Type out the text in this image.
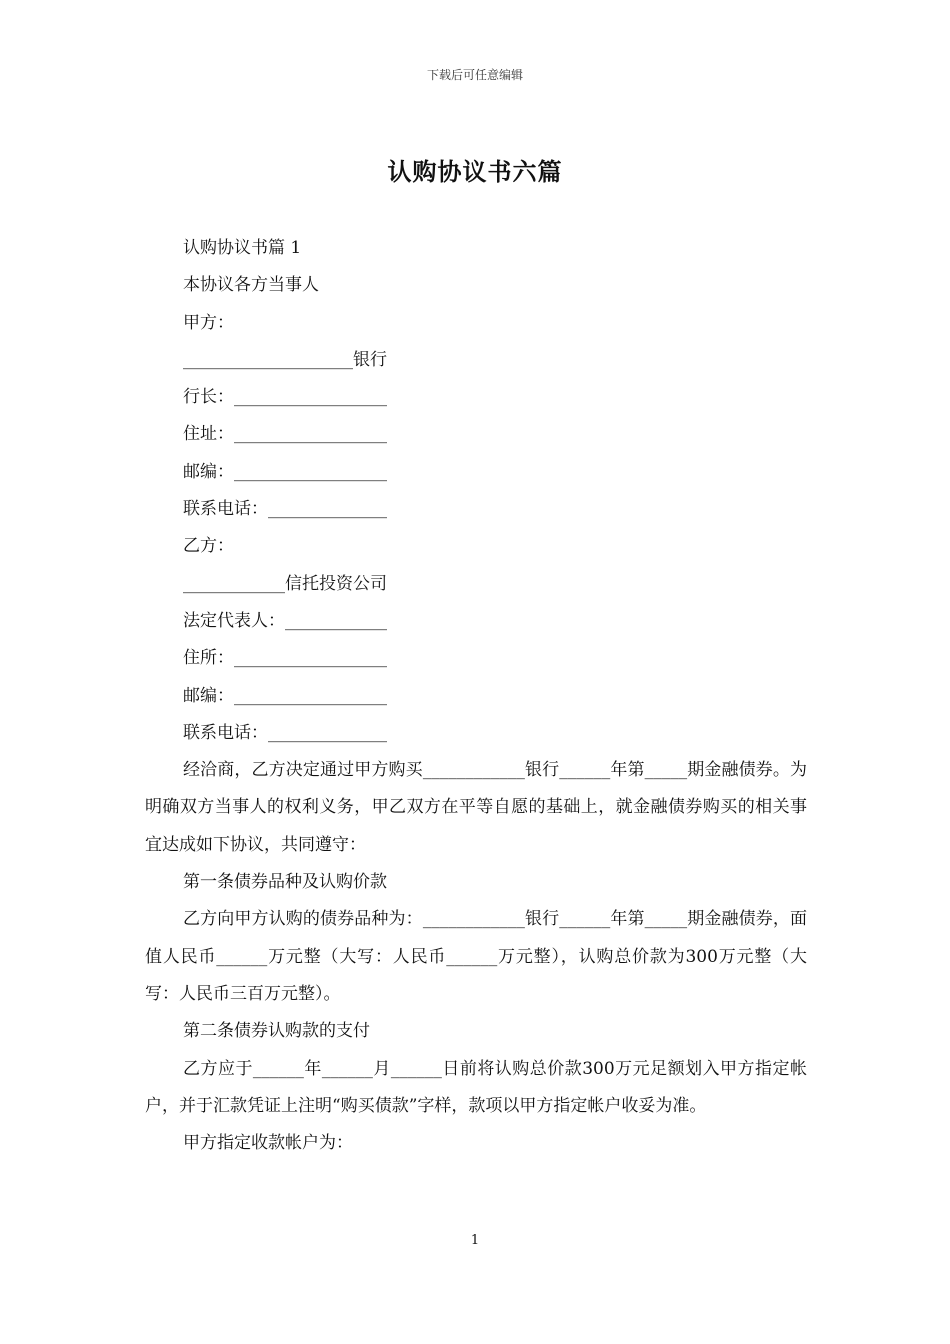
下载后可任意编辑
认购协议书六篇

认购协议书篇 1

本协议各方当事人

甲方：

____________________银行

行长：__________________

住址：__________________

邮编：__________________

联系电话：______________

乙方：

____________信托投资公司

法定代表人：____________

住所：__________________

邮编：__________________

联系电话：______________

经洽商，乙方决定通过甲方购买____________银行______年第_____期金融债券。为明确双方当事人的权利义务，甲乙双方在平等自愿的基础上，就金融债券购买的相关事宜达成如下协议，共同遵守：

第一条债券品种及认购价款

乙方向甲方认购的债券品种为：____________银行______年第_____期金融债券，面值人民币______万元整（大写：人民币______万元整），认购总价款为300万元整（大写：人民币三百万元整）。

第二条债券认购款的支付

乙方应于______年______月______日前将认购总价款300万元足额划入甲方指定帐户，并于汇款凭证上注明“购买债款”字样，款项以甲方指定帐户收妥为准。

甲方指定收款帐户为：

1
